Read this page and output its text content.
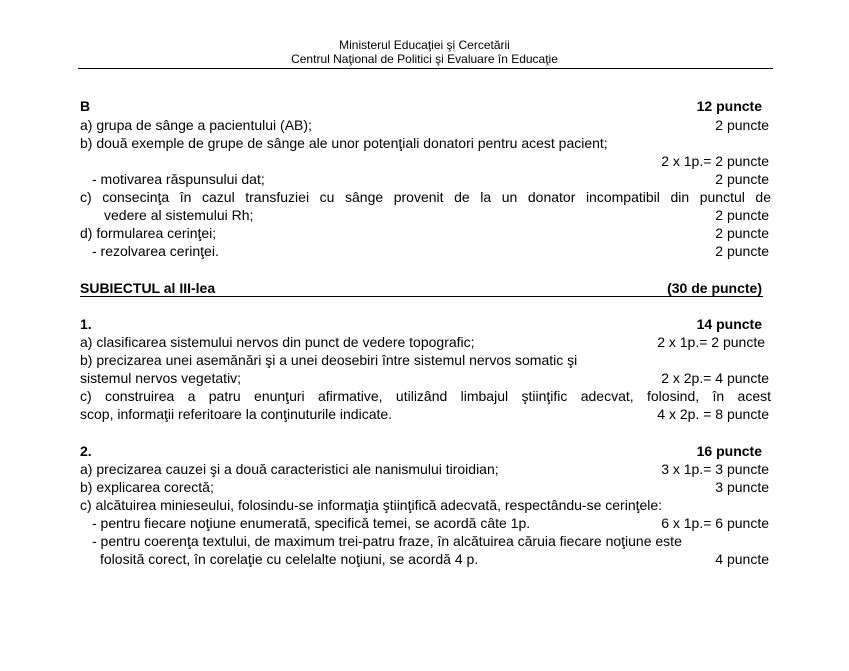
Ministerul Educaţiei şi Cercetării
Centrul Naţional de Politici şi Evaluare în Educaţie
B	12 puncte
a) grupa de sânge a pacientului (AB);	2 puncte
b) două exemple de grupe de sânge ale unor potenţiali donatori pentru acest pacient;
2 x 1p.= 2 puncte
- motivarea răspunsului dat;	2 puncte
c) consecinţa în cazul transfuziei cu sânge provenit de la un donator incompatibil din punctul de
vedere al sistemului Rh;	2 puncte
d) formularea cerinţei;	2 puncte
- rezolvarea cerinţei.	2 puncte
SUBIECTUL al III-lea	(30 de puncte)
1.	14 puncte
a) clasificarea sistemului nervos din punct de vedere topografic;	2 x 1p.= 2 puncte
b) precizarea unei asemănări şi a unei deosebiri între sistemul nervos somatic şi
sistemul nervos vegetativ;	2 x 2p.= 4 puncte
c) construirea a patru enunţuri afirmative, utilizând limbajul ştiinţific adecvat, folosind, în acest
scop, informaţii referitoare la conţinuturile indicate.	4 x 2p. = 8 puncte
2.	16 puncte
a) precizarea cauzei şi a două caracteristici ale nanismului tiroidian;	3 x 1p.= 3 puncte
b) explicarea corectă;	3 puncte
c) alcătuirea minieseului, folosindu-se informaţia ştiinţifică adecvată, respectându-se cerinţele:
- pentru fiecare noţiune enumerată, specifică temei, se acordă câte 1p.	6 x 1p.= 6 puncte
- pentru coerenţa textului, de maximum trei-patru fraze, în alcătuirea căruia fiecare noţiune este
folosită corect, în corelaţie cu celelalte noţiuni, se acordă 4 p.	4 puncte
